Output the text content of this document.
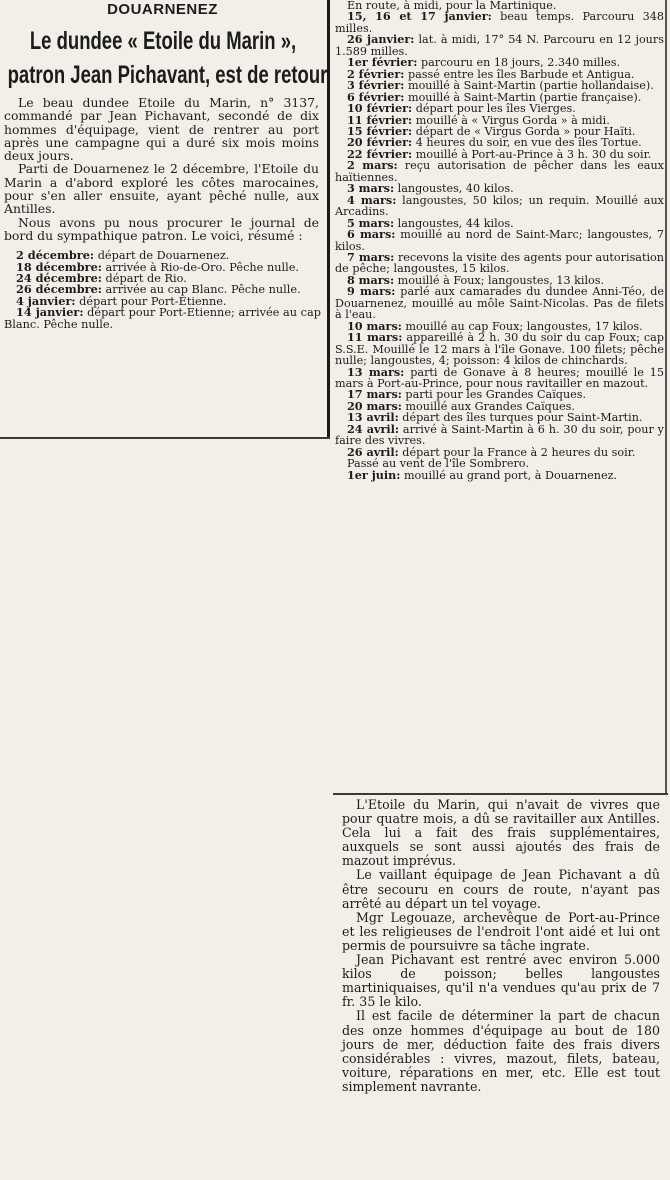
DOUARNENEZ
Le dundee « Etoile du Marin »,
patron Jean Pichavant, est de retour

Le beau dundee Etoile du Marin, n° 3137, commandé par Jean Pichavant, secondé de dix hommes d'équipage, vient de rentrer au port après une campagne qui a duré six mois moins deux jours.

Parti de Douarnenez le 2 décembre, l'Etoile du Marin a d'abord exploré les côtes marocaines, pour s'en aller ensuite, ayant pêché nulle, aux Antilles.

Nous avons pu nous procurer le journal de bord du sympathique patron. Le voici, résumé :

2 décembre: départ de Douarnenez.

18 décembre: arrivée à Rio-de-Oro. Pêche nulle.

24 décembre: départ de Rio.

26 décembre: arrivée au cap Blanc. Pêche nulle.

4 janvier: départ pour Port-Etienne.

14 janvier: départ pour Port-Etienne; arrivée au cap Blanc. Pêche nulle.

En route, à midi, pour la Martinique.

15, 16 et 17 janvier: beau temps. Parcouru 348 milles.

26 janvier: lat. à midi, 17° 54 N. Parcouru en 12 jours 1.589 milles.

1er février: parcouru en 18 jours, 2.340 milles.

2 février: passé entre les îles Barbude et Antigua.

3 février: mouillé à Saint-Martin (partie hollandaise).

6 février: mouillé à Saint-Martin (partie française).

10 février: départ pour les îles Vierges.

11 février: mouillé à « Virgus Gorda » à midi.

15 février: départ de « Virgus Gorda » pour Haïti.

20 février: 4 heures du soir, en vue des îles Tortue.

22 février: mouillé à Port-au-Prince à 3 h. 30 du soir.

2 mars: reçu autorisation de pêcher dans les eaux haïtiennes.

3 mars: langoustes, 40 kilos.

4 mars: langoustes, 50 kilos; un requin. Mouillé aux Arcadins.

5 mars: langoustes, 44 kilos.

6 mars: mouillé au nord de Saint-Marc; langoustes, 7 kilos.

7 mars: recevons la visite des agents pour autorisation de pêche; langoustes, 15 kilos.

8 mars: mouillé à Foux; langoustes, 13 kilos.

9 mars: parlé aux camarades du dundee Anni-Téo, de Douarnenez, mouillé au môle Saint-Nicolas. Pas de filets à l'eau.

10 mars: mouillé au cap Foux; langoustes, 17 kilos.

11 mars: appareillé à 2 h. 30 du soir du cap Foux; cap S.S.E. Mouillé le 12 mars à l'île Gonave. 100 filets; pêche nulle; langoustes, 4; poisson: 4 kilos de chinchards.

13 mars: parti de Gonave à 8 heures; mouillé le 15 mars à Port-au-Prince, pour nous ravitailler en mazout.

17 mars: parti pour les Grandes Caïques.

20 mars: mouillé aux Grandes Caïques.

13 avril: départ des îles turques pour Saint-Martin.

24 avril: arrivé à Saint-Martin à 6 h. 30 du soir, pour y faire des vivres.

26 avril: départ pour la France à 2 heures du soir.

Passé au vent de l'île Sombrero.

1er juin: mouillé au grand port, à Douarnenez.

L'Etoile du Marin, qui n'avait de vivres que pour quatre mois, a dû se ravitailler aux Antilles. Cela lui a fait des frais supplémentaires, auxquels se sont aussi ajoutés des frais de mazout imprévus.

Le vaillant équipage de Jean Pichavant a dû être secouru en cours de route, n'ayant pas arrêté au départ un tel voyage.

Mgr Legouaze, archevêque de Port-au-Prince et les religieuses de l'endroit l'ont aidé et lui ont permis de poursuivre sa tâche ingrate.

Jean Pichavant est rentré avec environ 5.000 kilos de poisson; belles langoustes martiniquaises, qu'il n'a vendues qu'au prix de 7 fr. 35 le kilo.

Il est facile de déterminer la part de chacun des onze hommes d'équipage au bout de 180 jours de mer, déduction faite des frais divers considérables : vivres, mazout, filets, bateau, voiture, réparations en mer, etc. Elle est tout simplement navrante.
